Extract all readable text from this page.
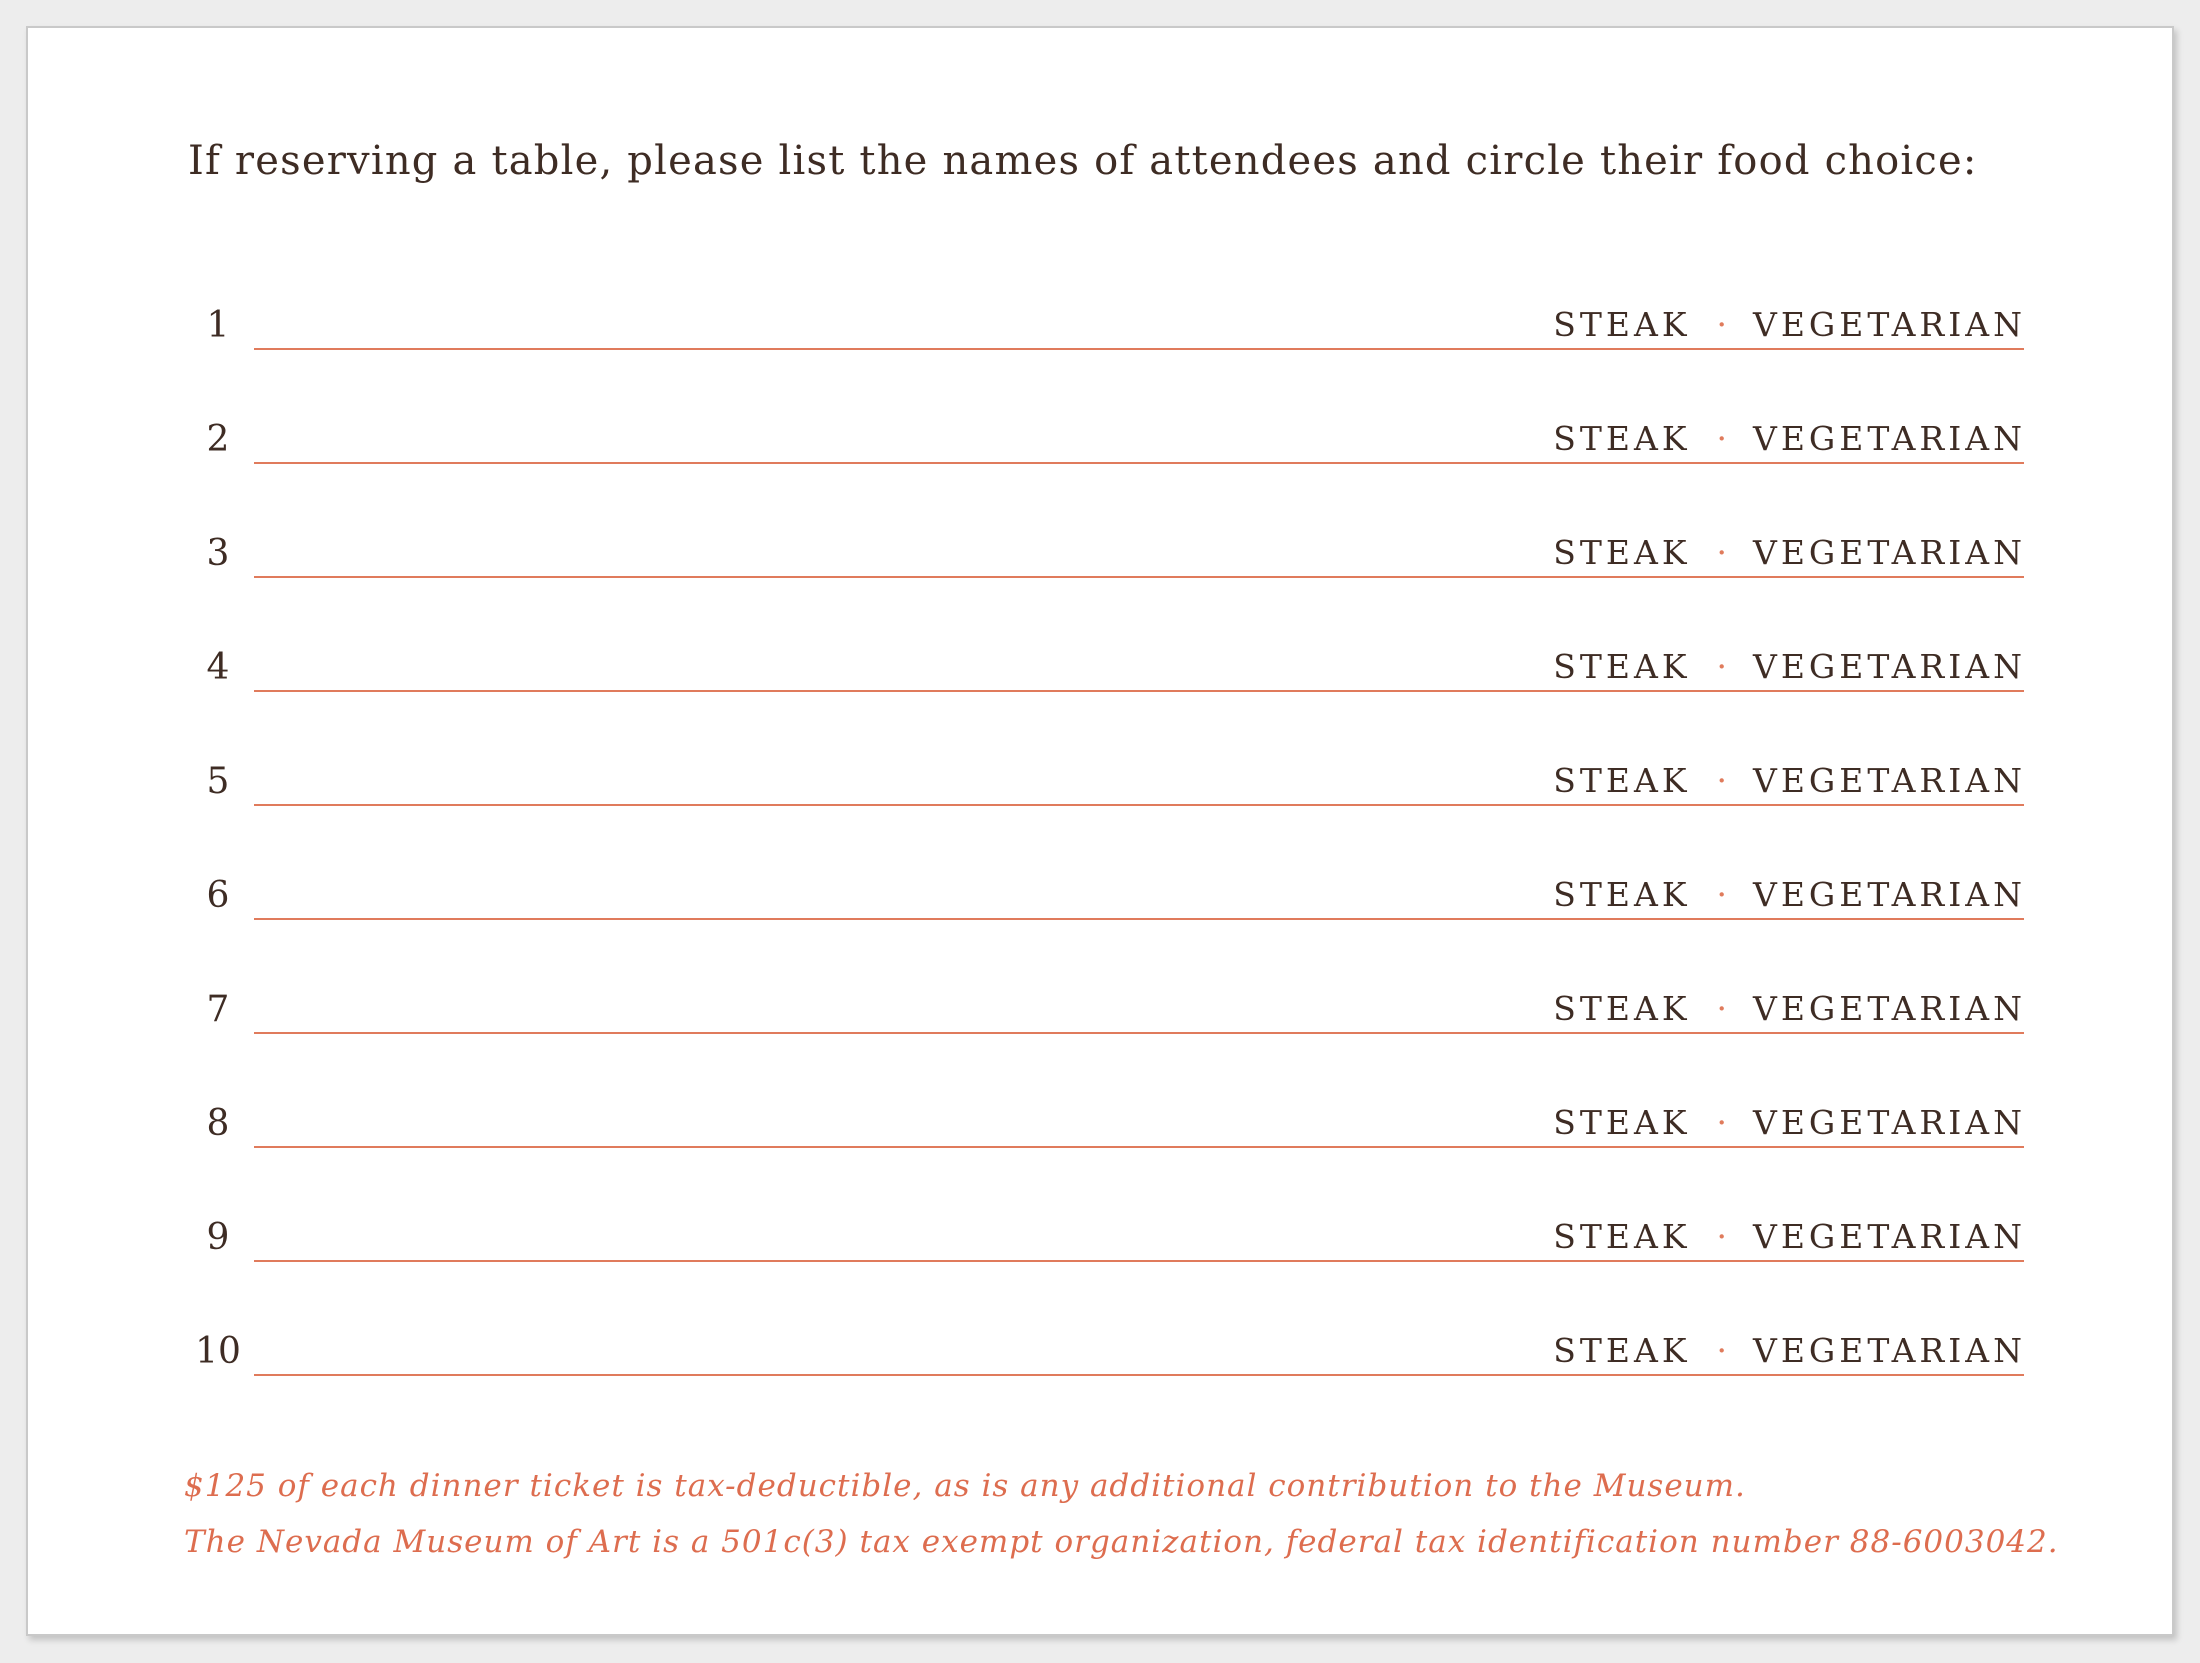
If reserving a table, please list the names of attendees and circle their food choice:
1	STEAK · VEGETARIAN
2	STEAK · VEGETARIAN
3	STEAK · VEGETARIAN
4	STEAK · VEGETARIAN
5	STEAK · VEGETARIAN
6	STEAK · VEGETARIAN
7	STEAK · VEGETARIAN
8	STEAK · VEGETARIAN
9	STEAK · VEGETARIAN
10	STEAK · VEGETARIAN
$125 of each dinner ticket is tax-deductible, as is any additional contribution to the Museum.
The Nevada Museum of Art is a 501c(3) tax exempt organization, federal tax identification number 88-6003042.
